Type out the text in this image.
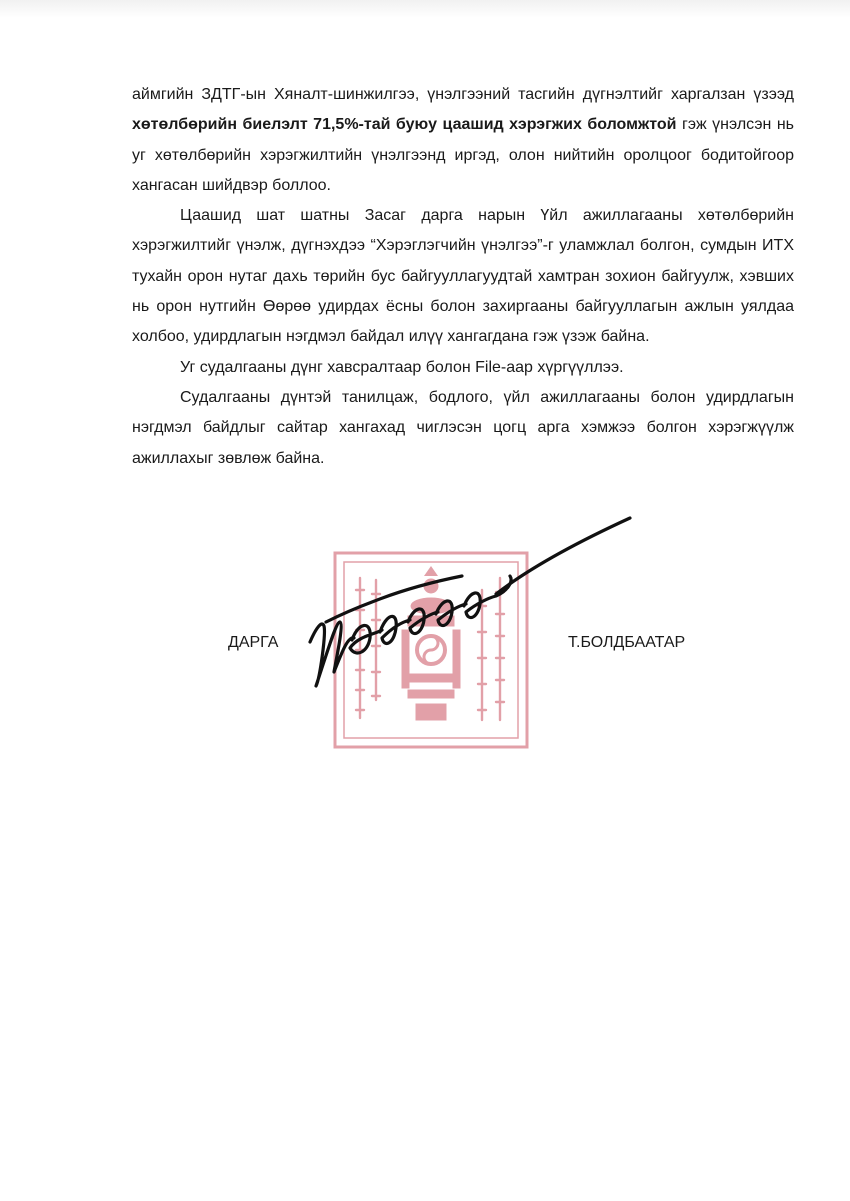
аймгийн ЗДТГ-ын Хяналт-шинжилгээ, үнэлгээний тасгийн дүгнэлтийг харгалзан үзээд хөтөлбөрийн биелэлт 71,5%-тай буюу цаашид хэрэгжих боломжтой гэж үнэлсэн нь уг хөтөлбөрийн хэрэгжилтийн үнэлгээнд иргэд, олон нийтийн оролцоог бодитойгоор хангасан шийдвэр боллоо.

Цаашид шат шатны Засаг дарга нарын Үйл ажиллагааны хөтөлбөрийн хэрэгжилтийг үнэлж, дүгнэхдээ “Хэрэглэгчийн үнэлгээ”-г уламжлал болгон, сумдын ИТХ тухайн орон нутаг дахь төрийн бус байгууллагуудтай хамтран зохион байгуулж, хэвших нь орон нутгийн Өөрөө удирдах ёсны болон захиргааны байгууллагын ажлын уялдаа холбоо, удирдлагын нэгдмэл байдал илүү хангагдана гэж үзэж байна.

Уг судалгааны дүнг хавсралтаар болон File-аар хүргүүллээ.

Судалгааны дүнтэй танилцаж, бодлого, үйл ажиллагааны болон удирдлагын нэгдмэл байдлыг сайтар хангахад чиглэсэн цогц арга хэмжээ болгон хэрэгжүүлж ажиллахыг зөвлөж байна.

ДАРГА	Т.БОЛДБААТАР
